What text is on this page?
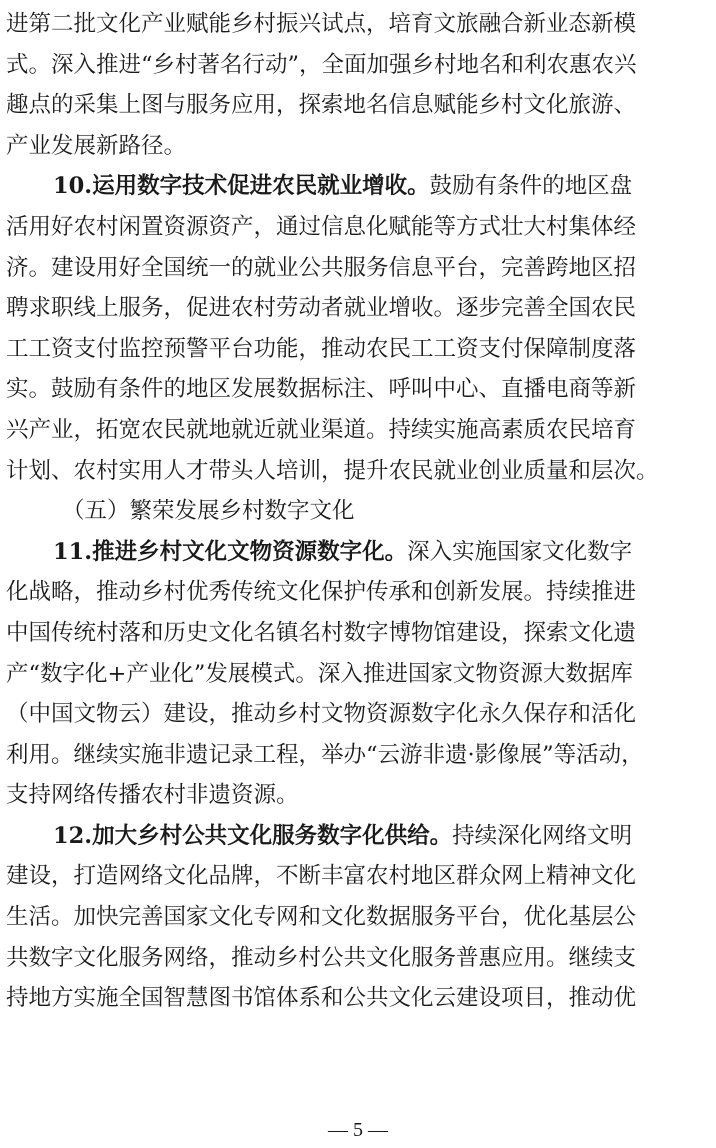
进第二批文化产业赋能乡村振兴试点，培育文旅融合新业态新模
式。深入推进“乡村著名行动”，全面加强乡村地名和利农惠农兴
趣点的采集上图与服务应用，探索地名信息赋能乡村文化旅游、
产业发展新路径。
10.运用数字技术促进农民就业增收。鼓励有条件的地区盘
活用好农村闲置资源资产，通过信息化赋能等方式壮大村集体经
济。建设用好全国统一的就业公共服务信息平台，完善跨地区招
聘求职线上服务，促进农村劳动者就业增收。逐步完善全国农民
工工资支付监控预警平台功能，推动农民工工资支付保障制度落
实。鼓励有条件的地区发展数据标注、呼叫中心、直播电商等新
兴产业，拓宽农民就地就近就业渠道。持续实施高素质农民培育
计划、农村实用人才带头人培训，提升农民就业创业质量和层次。
（五）繁荣发展乡村数字文化
11.推进乡村文化文物资源数字化。深入实施国家文化数字
化战略，推动乡村优秀传统文化保护传承和创新发展。持续推进
中国传统村落和历史文化名镇名村数字博物馆建设，探索文化遗
产“数字化+产业化”发展模式。深入推进国家文物资源大数据库
（中国文物云）建设，推动乡村文物资源数字化永久保存和活化
利用。继续实施非遗记录工程，举办“云游非遗·影像展”等活动，
支持网络传播农村非遗资源。
12.加大乡村公共文化服务数字化供给。持续深化网络文明
建设，打造网络文化品牌，不断丰富农村地区群众网上精神文化
生活。加快完善国家文化专网和文化数据服务平台，优化基层公
共数字文化服务网络，推动乡村公共文化服务普惠应用。继续支
持地方实施全国智慧图书馆体系和公共文化云建设项目，推动优
— 5 —
